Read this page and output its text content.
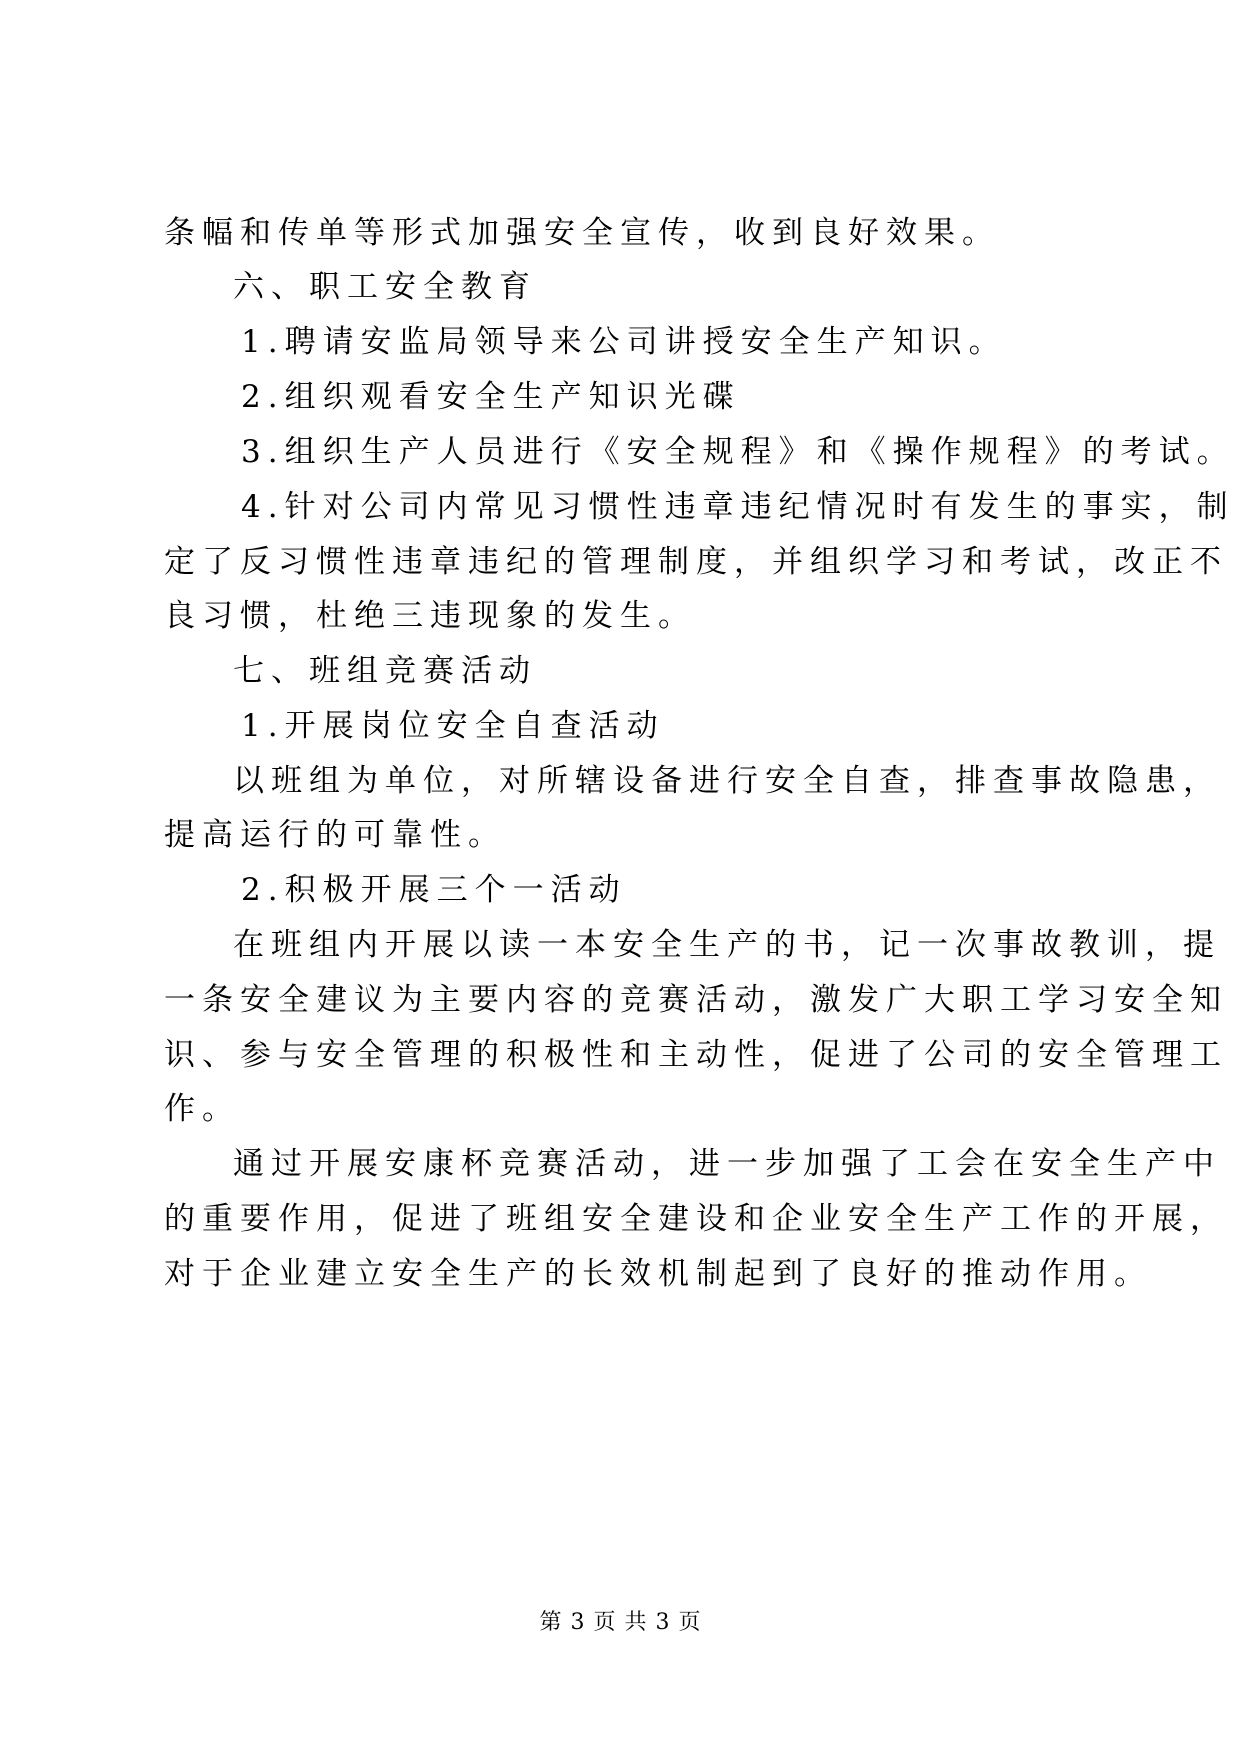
条幅和传单等形式加强安全宣传，收到良好效果。
六、职工安全教育
1.聘请安监局领导来公司讲授安全生产知识。
2.组织观看安全生产知识光碟
3.组织生产人员进行《安全规程》和《操作规程》的考试。
4.针对公司内常见习惯性违章违纪情况时有发生的事实，制
定了反习惯性违章违纪的管理制度，并组织学习和考试，改正不
良习惯，杜绝三违现象的发生。
七、班组竞赛活动
1.开展岗位安全自查活动
以班组为单位，对所辖设备进行安全自查，排查事故隐患，
提高运行的可靠性。
2.积极开展三个一活动
在班组内开展以读一本安全生产的书，记一次事故教训，提
一条安全建议为主要内容的竞赛活动，激发广大职工学习安全知
识、参与安全管理的积极性和主动性，促进了公司的安全管理工
作。
通过开展安康杯竞赛活动，进一步加强了工会在安全生产中
的重要作用，促进了班组安全建设和企业安全生产工作的开展，
对于企业建立安全生产的长效机制起到了良好的推动作用。
第 3 页 共 3 页
